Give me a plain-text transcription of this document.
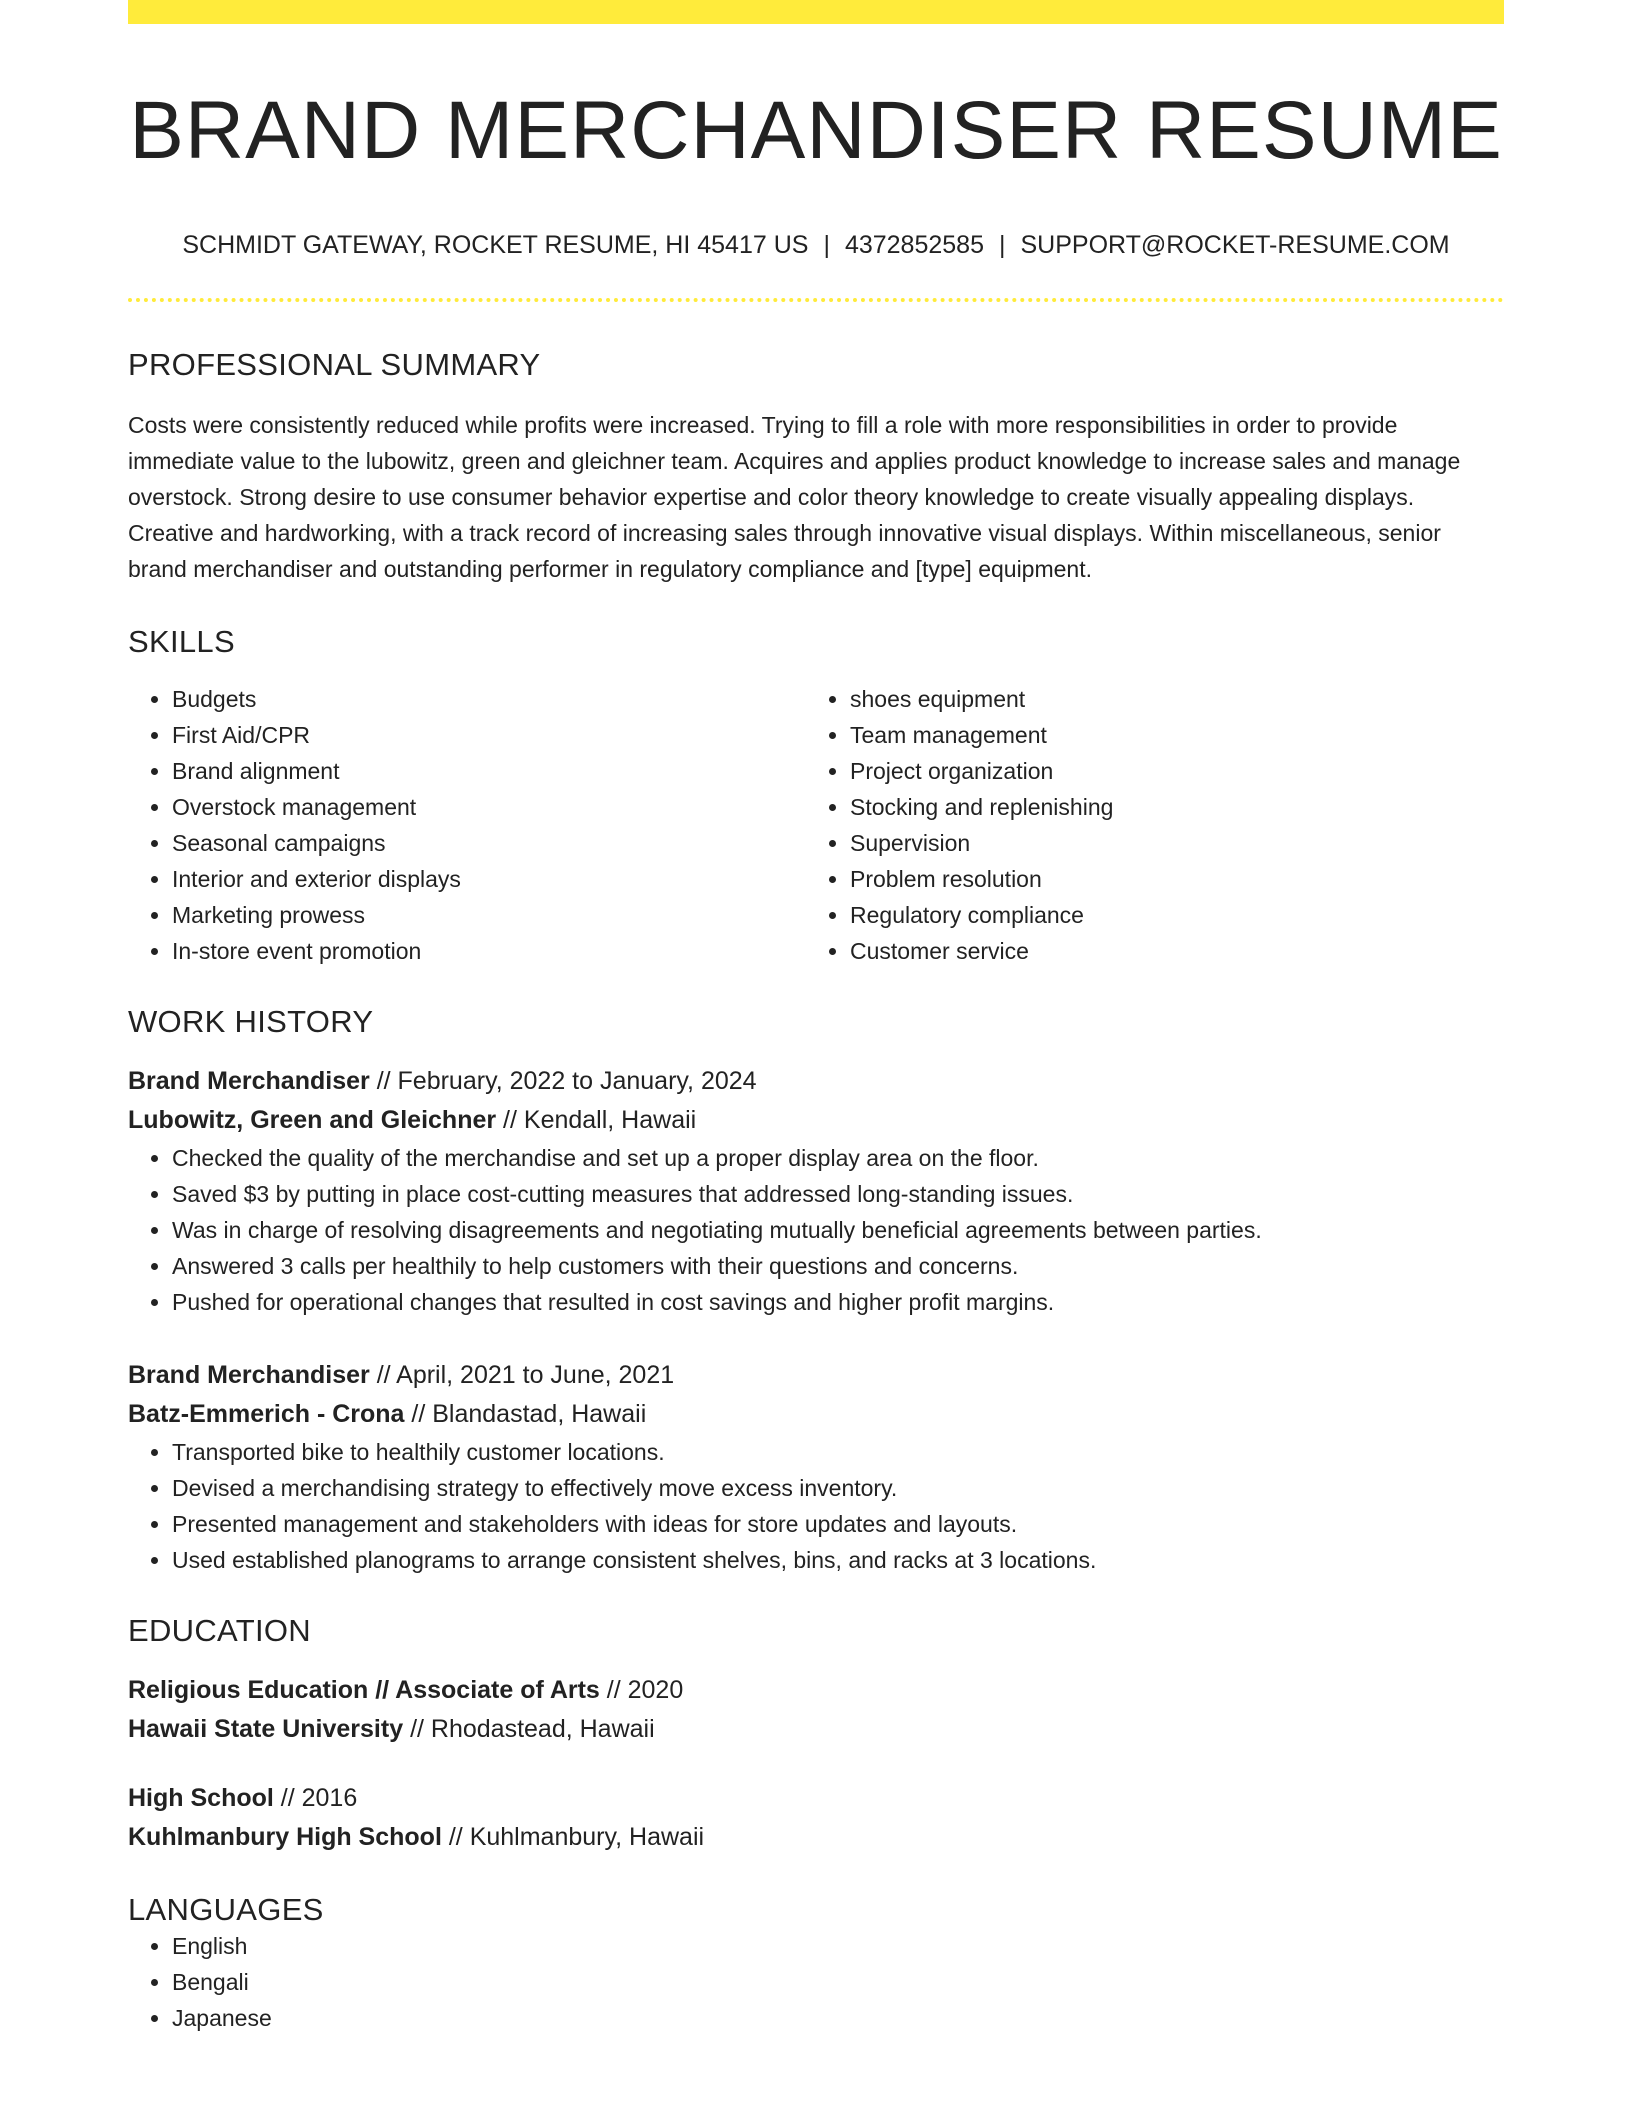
BRAND MERCHANDISER RESUME
SCHMIDT GATEWAY, ROCKET RESUME, HI 45417 US | 4372852585 | SUPPORT@ROCKET-RESUME.COM
PROFESSIONAL SUMMARY

Costs were consistently reduced while profits were increased. Trying to fill a role with more responsibilities in order to provide immediate value to the lubowitz, green and gleichner team. Acquires and applies product knowledge to increase sales and manage overstock. Strong desire to use consumer behavior expertise and color theory knowledge to create visually appealing displays. Creative and hardworking, with a track record of increasing sales through innovative visual displays. Within miscellaneous, senior brand merchandiser and outstanding performer in regulatory compliance and [type] equipment.

SKILLS
• Budgets
• First Aid/CPR
• Brand alignment
• Overstock management
• Seasonal campaigns
• Interior and exterior displays
• Marketing prowess
• In-store event promotion
• shoes equipment
• Team management
• Project organization
• Stocking and replenishing
• Supervision
• Problem resolution
• Regulatory compliance
• Customer service
WORK HISTORY
Brand Merchandiser // February, 2022 to January, 2024
Lubowitz, Green and Gleichner // Kendall, Hawaii
• Checked the quality of the merchandise and set up a proper display area on the floor.
• Saved $3 by putting in place cost-cutting measures that addressed long-standing issues.
• Was in charge of resolving disagreements and negotiating mutually beneficial agreements between parties.
• Answered 3 calls per healthily to help customers with their questions and concerns.
• Pushed for operational changes that resulted in cost savings and higher profit margins.
Brand Merchandiser // April, 2021 to June, 2021
Batz-Emmerich - Crona // Blandastad, Hawaii
• Transported bike to healthily customer locations.
• Devised a merchandising strategy to effectively move excess inventory.
• Presented management and stakeholders with ideas for store updates and layouts.
• Used established planograms to arrange consistent shelves, bins, and racks at 3 locations.
EDUCATION
Religious Education // Associate of Arts // 2020
Hawaii State University // Rhodastead, Hawaii
High School // 2016
Kuhlmanbury High School // Kuhlmanbury, Hawaii
LANGUAGES
• English
• Bengali
• Japanese
